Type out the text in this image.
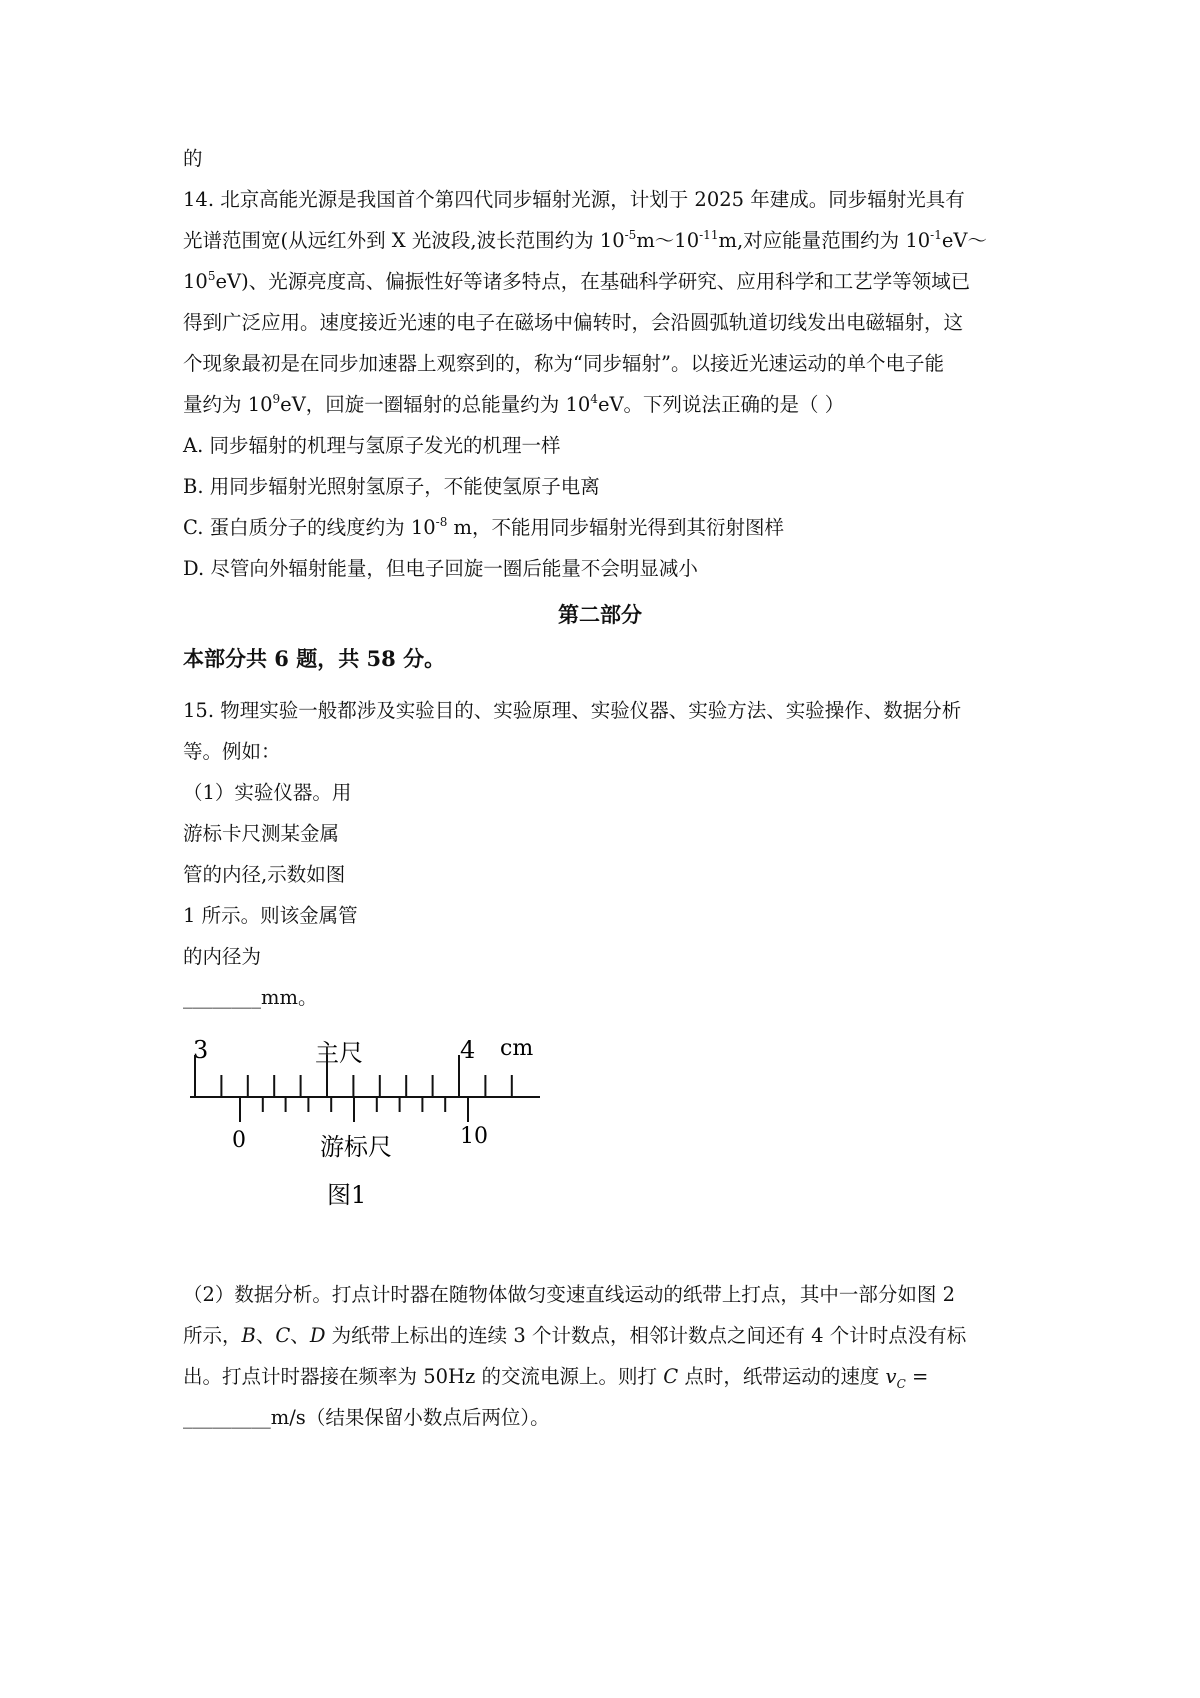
的
14. 北京高能光源是我国首个第四代同步辐射光源，计划于 2025 年建成。同步辐射光具有
光谱范围宽(从远红外到 X 光波段,波长范围约为 $10^{-5}m\sim 10^{-11}m$,对应能量范围约为 $10^{-1}eV\sim$
$10^5eV$)、光源亮度高、偏振性好等诸多特点，在基础科学研究、应用科学和工艺学等领域已
得到广泛应用。速度接近光速的电子在磁场中偏转时，会沿圆弧轨道切线发出电磁辐射，这
个现象最初是在同步加速器上观察到的，称为“同步辐射”。以接近光速运动的单个电子能
量约为 $10^9eV$，回旋一圈辐射的总能量约为 $10^4eV$。下列说法正确的是（ ）
A. 同步辐射的机理与氢原子发光的机理一样
B. 用同步辐射光照射氢原子，不能使氢原子电离
C. 蛋白质分子的线度约为 $10^{-8}$ m，不能用同步辐射光得到其衍射图样
D. 尽管向外辐射能量，但电子回旋一圈后能量不会明显减小
第二部分
本部分共 6 题，共 58 分。
15. 物理实验一般都涉及实验目的、实验原理、实验仪器、实验方法、实验操作、数据分析
等。例如：
（1）实验仪器。用
游标卡尺测某金属
管的内径,示数如图
1 所示。则该金属管
的内径为
________mm。
3	主尺	4 cm
0	游标尺	10
图1
（2）数据分析。打点计时器在随物体做匀变速直线运动的纸带上打点，其中一部分如图 2
所示，B、C、D 为纸带上标出的连续 3 个计数点，相邻计数点之间还有 4 个计时点没有标
出。打点计时器接在频率为 50Hz 的交流电源上。则打 C 点时，纸带运动的速度 $v_C$ =
_________m/s（结果保留小数点后两位）。
